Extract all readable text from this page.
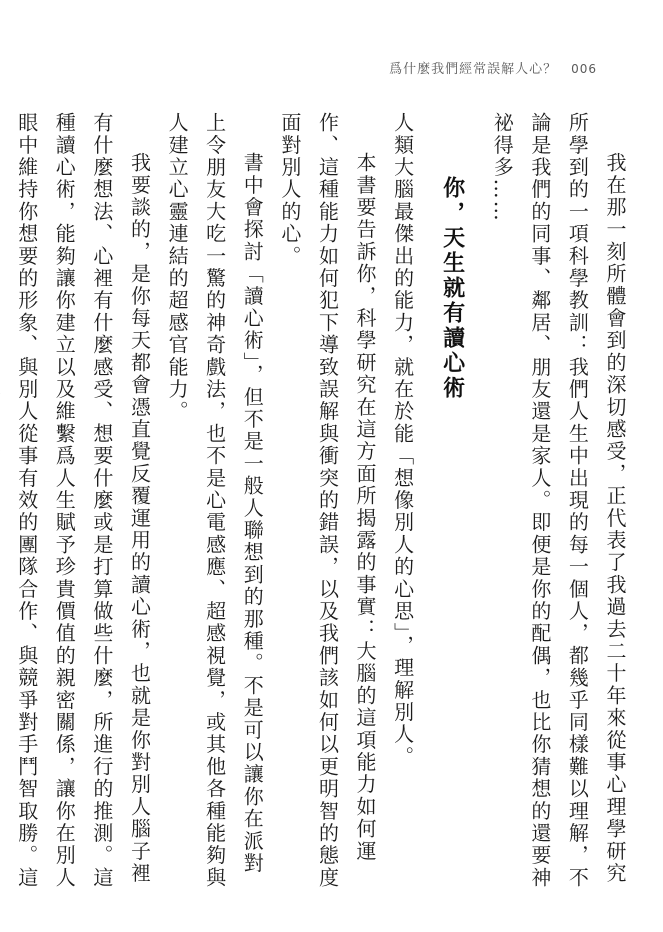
爲什麼我們經常誤解人心？ 006

我在那一刻所體會到的深切感受，正代表了我過去二十年來從事心理學研究所學到的一項科學教訓：我們人生中出現的每一個人，都幾乎同樣難以理解，不論是我們的同事、鄰居、朋友還是家人。即便是你的配偶，也比你猜想的還要神祕得多……

你，天生就有讀心術

人類大腦最傑出的能力，就在於能「想像別人的心思」，理解別人。

本書要告訴你，科學研究在這方面所揭露的事實：大腦的這項能力如何運作、這種能力如何犯下導致誤解與衝突的錯誤，以及我們該如何以更明智的態度面對別人的心。

書中會探討「讀心術」，但不是一般人聯想到的那種。不是可以讓你在派對上令朋友大吃一驚的神奇戲法，也不是心電感應、超感視覺，或其他各種能夠與人建立心靈連結的超感官能力。

我要談的，是你每天都會憑直覺反覆運用的讀心術，也就是你對別人腦子裡有什麼想法、心裡有什麼感受、想要什麼或是打算做些什麼，所進行的推測。這種讀心術，能夠讓你建立以及維繫爲人生賦予珍貴價值的親密關係，讓你在別人眼中維持你想要的形象、與別人從事有效的團隊合作、與競爭對手鬥智取勝。這
